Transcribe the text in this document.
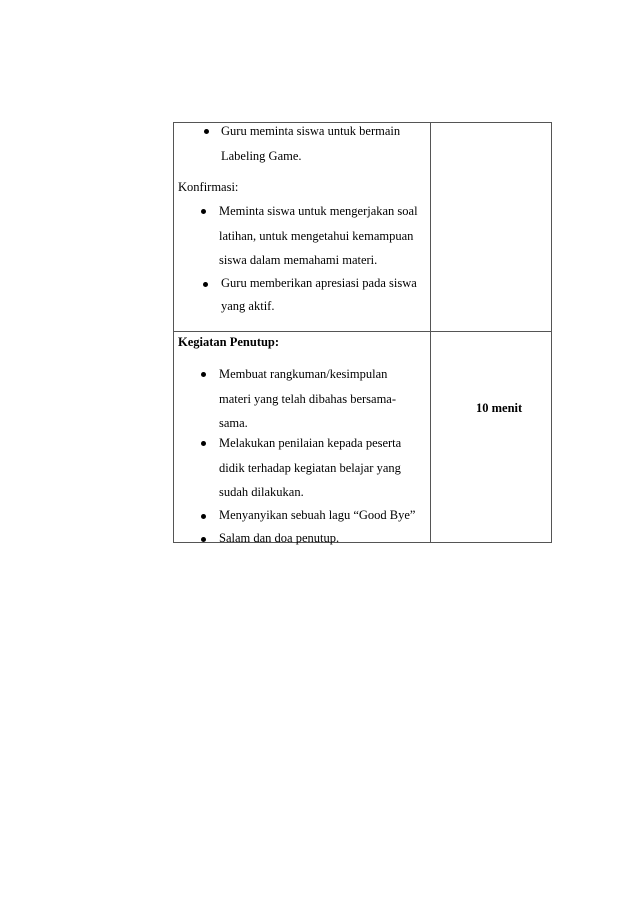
Guru meminta siswa untuk bermain
Labeling Game.
Konfirmasi:
Meminta siswa untuk mengerjakan soal
latihan, untuk mengetahui kemampuan
siswa dalam memahami materi.
Guru memberikan apresiasi pada siswa
yang aktif.
Kegiatan Penutup:
Membuat rangkuman/kesimpulan
materi yang telah dibahas bersama-
sama.
Melakukan penilaian kepada peserta
didik terhadap kegiatan belajar yang
sudah dilakukan.
Menyanyikan sebuah lagu “Good Bye”
Salam dan doa penutup.
10 menit
